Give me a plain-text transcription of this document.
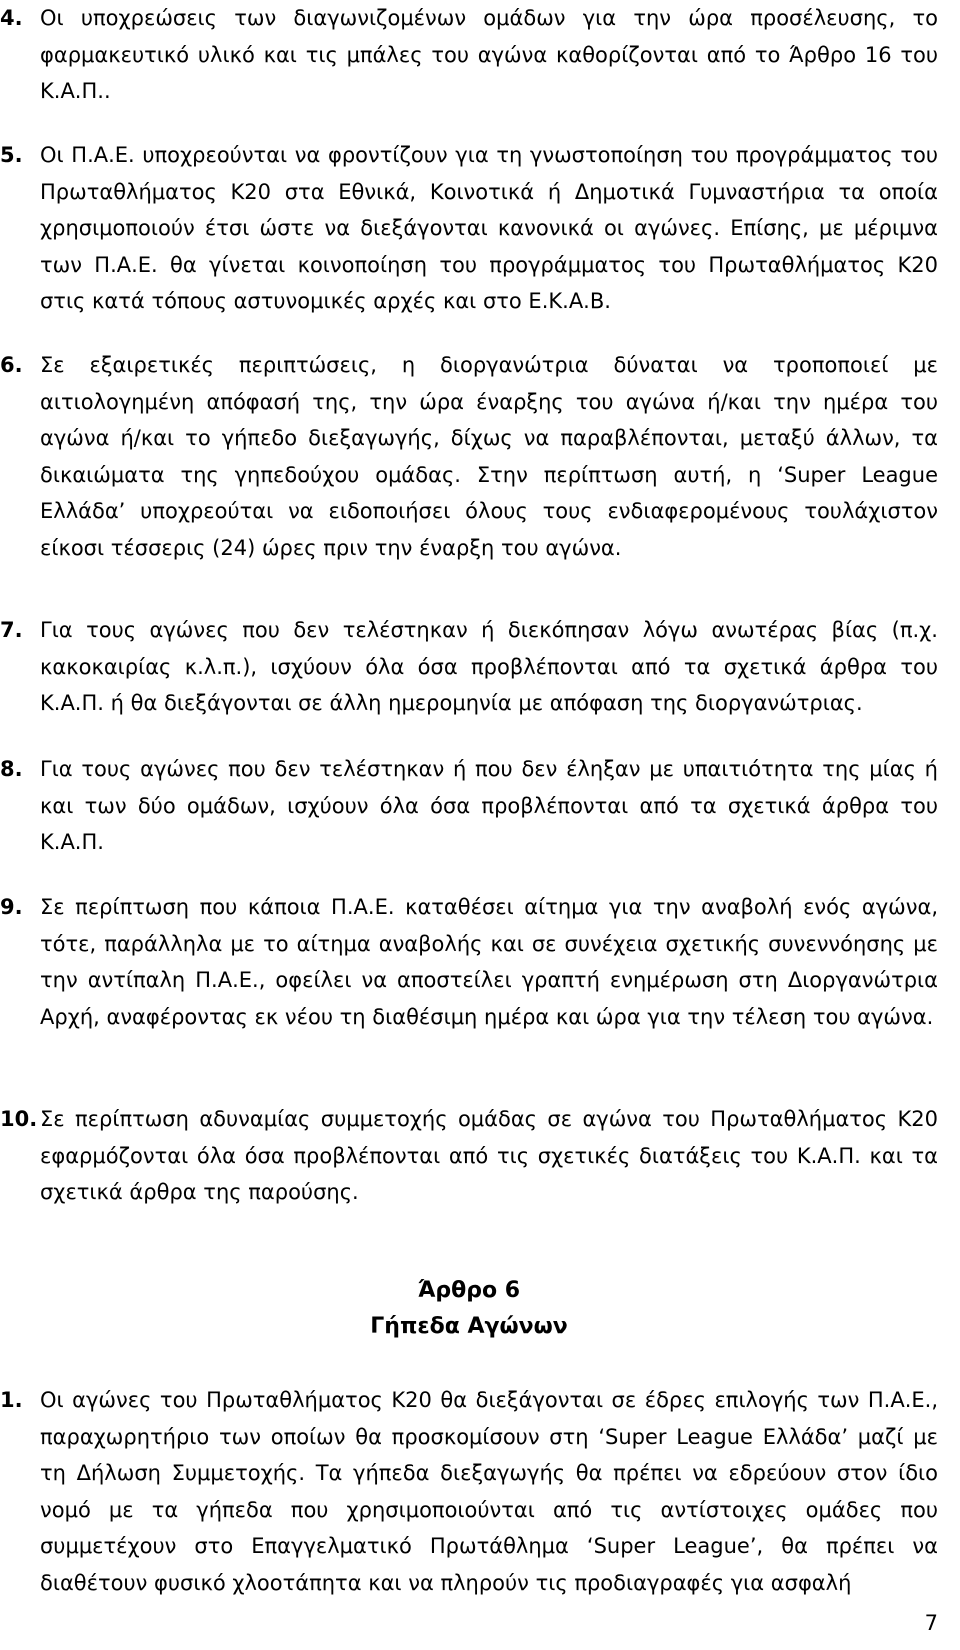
4. Οι υποχρεώσεις των διαγωνιζομένων ομάδων για την ώρα προσέλευσης, το φαρμακευτικό υλικό και τις μπάλες του αγώνα καθορίζονται από το Άρθρο 16 του Κ.Α.Π..

5. Οι Π.Α.Ε. υποχρεούνται να φροντίζουν για τη γνωστοποίηση του προγράμματος του Πρωταθλήματος Κ20 στα Εθνικά, Κοινοτικά ή Δημοτικά Γυμναστήρια τα οποία χρησιμοποιούν έτσι ώστε να διεξάγονται κανονικά οι αγώνες. Επίσης, με μέριμνα των Π.Α.Ε. θα γίνεται κοινοποίηση του προγράμματος του Πρωταθλήματος Κ20 στις κατά τόπους αστυνομικές αρχές και στο Ε.Κ.Α.Β.

6. Σε εξαιρετικές περιπτώσεις, η διοργανώτρια δύναται να τροποποιεί με αιτιολογημένη απόφασή της, την ώρα έναρξης του αγώνα ή/και την ημέρα του αγώνα ή/και το γήπεδο διεξαγωγής, δίχως να παραβλέπονται, μεταξύ άλλων, τα δικαιώματα της γηπεδούχου ομάδας. Στην περίπτωση αυτή, η ‘Super League Ελλάδα’ υποχρεούται να ειδοποιήσει όλους τους ενδιαφερομένους τουλάχιστον είκοσι τέσσερις (24) ώρες πριν την έναρξη του αγώνα.

7. Για τους αγώνες που δεν τελέστηκαν ή διεκόπησαν λόγω ανωτέρας βίας (π.χ. κακοκαιρίας κ.λ.π.), ισχύουν όλα όσα προβλέπονται από τα σχετικά άρθρα του Κ.Α.Π. ή θα διεξάγονται σε άλλη ημερομηνία με απόφαση της διοργανώτριας.

8. Για τους αγώνες που δεν τελέστηκαν ή που δεν έληξαν με υπαιτιότητα της μίας ή και των δύο ομάδων, ισχύουν όλα όσα προβλέπονται από τα σχετικά άρθρα του Κ.Α.Π.

9. Σε περίπτωση που κάποια Π.Α.Ε. καταθέσει αίτημα για την αναβολή ενός αγώνα, τότε, παράλληλα με το αίτημα αναβολής και σε συνέχεια σχετικής συνεννόησης με την αντίπαλη Π.Α.Ε., οφείλει να αποστείλει γραπτή ενημέρωση στη Διοργανώτρια Αρχή, αναφέροντας εκ νέου τη διαθέσιμη ημέρα και ώρα για την τέλεση του αγώνα.

10. Σε περίπτωση αδυναμίας συμμετοχής ομάδας σε αγώνα του Πρωταθλήματος Κ20 εφαρμόζονται όλα όσα προβλέπονται από τις σχετικές διατάξεις του Κ.Α.Π. και τα σχετικά άρθρα της παρούσης.

Άρθρο 6
Γήπεδα Αγώνων
1. Οι αγώνες του Πρωταθλήματος Κ20 θα διεξάγονται σε έδρες επιλογής των Π.Α.Ε., παραχωρητήριο των οποίων θα προσκομίσουν στη ‘Super League Ελλάδα’ μαζί με τη Δήλωση Συμμετοχής. Τα γήπεδα διεξαγωγής θα πρέπει να εδρεύουν στον ίδιο νομό με τα γήπεδα που χρησιμοποιούνται από τις αντίστοιχες ομάδες που συμμετέχουν στο Επαγγελματικό Πρωτάθλημα ‘Super League’, θα πρέπει να διαθέτουν φυσικό χλοοτάπητα και να πληρούν τις προδιαγραφές για ασφαλή

7
